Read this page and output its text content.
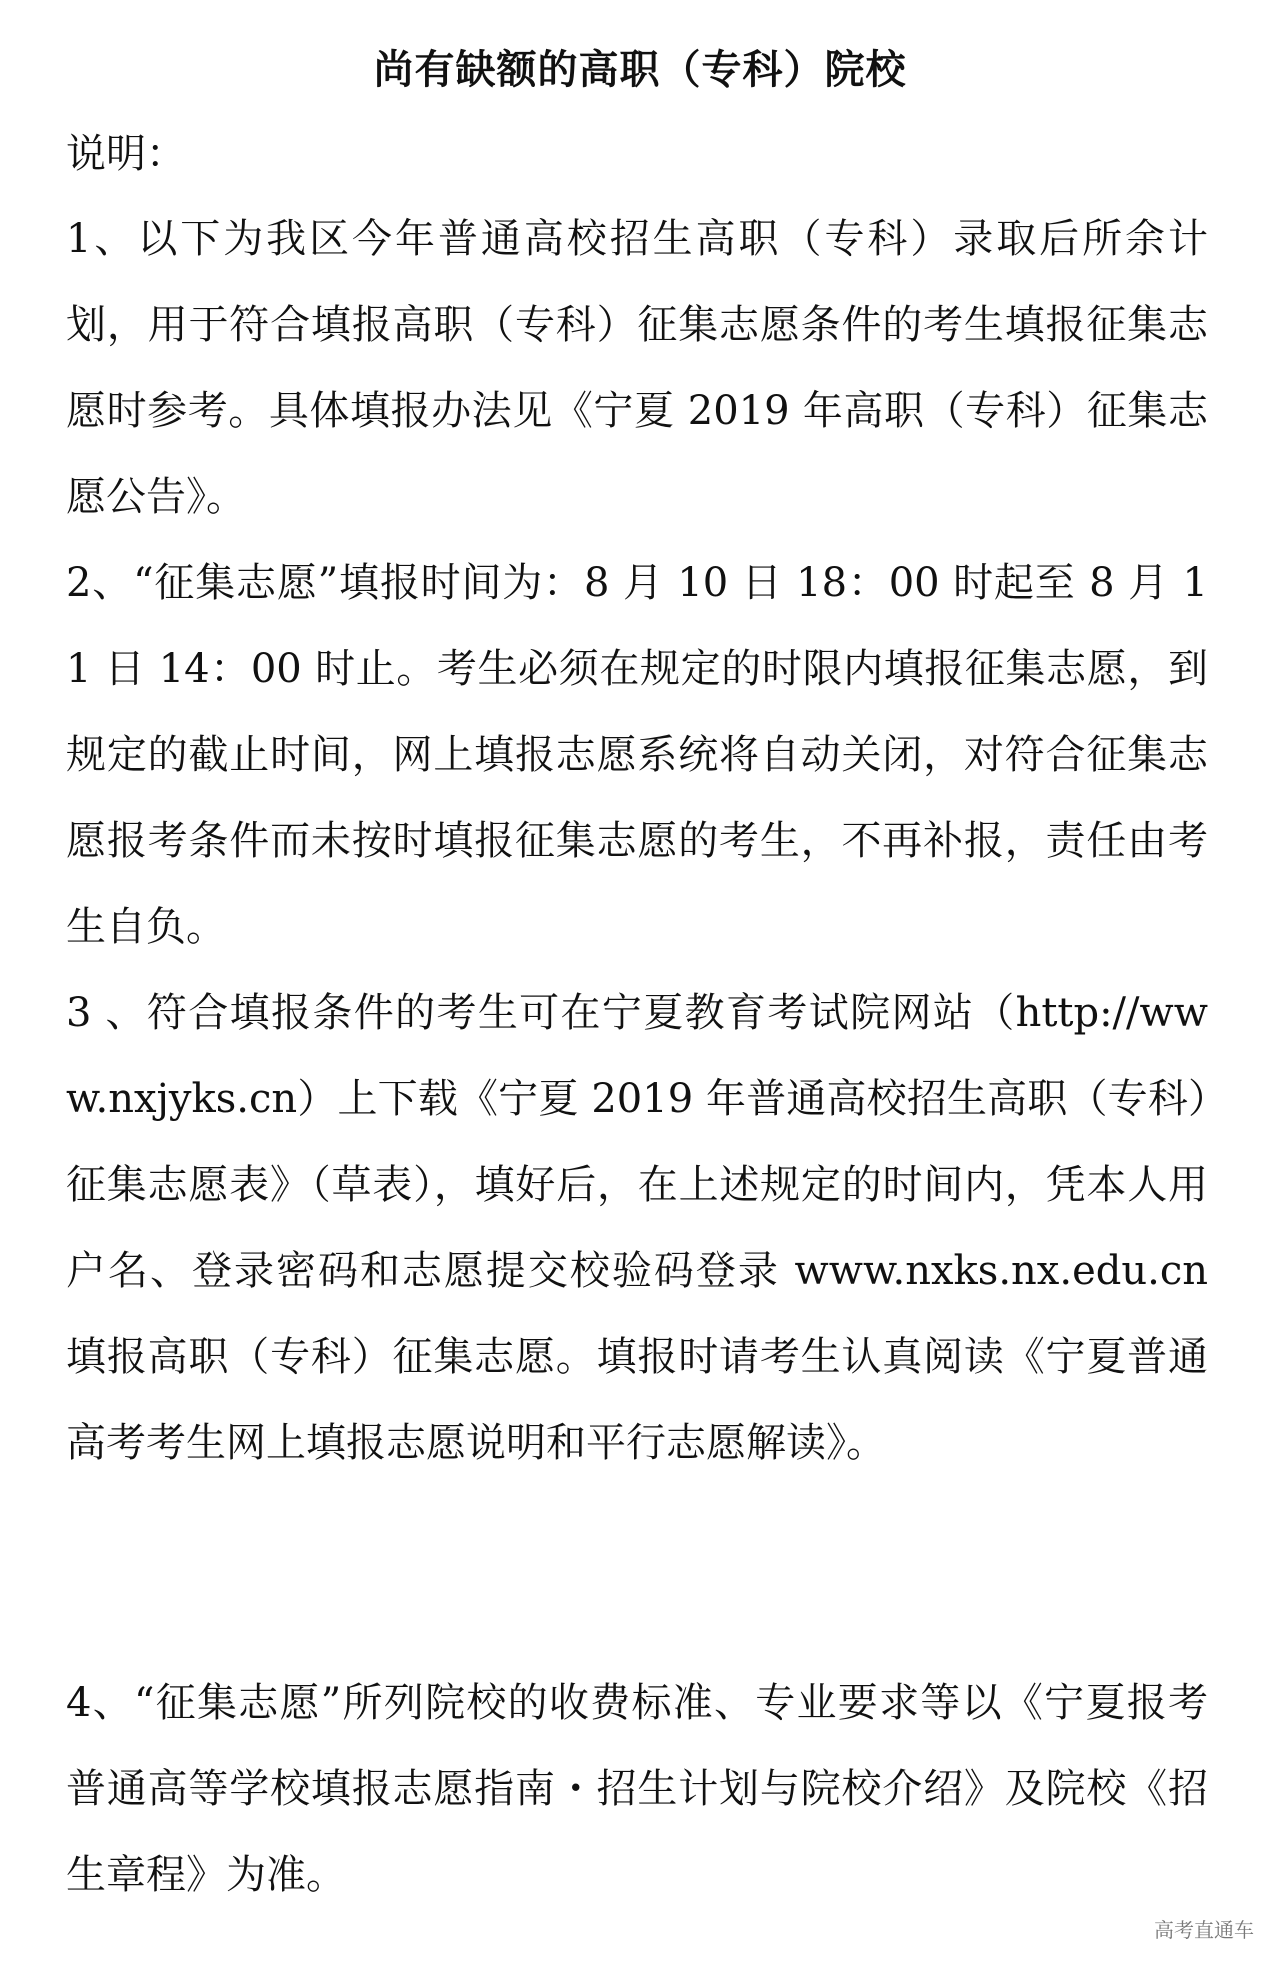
尚有缺额的高职（专科）院校

说明：

1、以下为我区今年普通高校招生高职（专科）录取后所余计划，用于符合填报高职（专科）征集志愿条件的考生填报征集志愿时参考。具体填报办法见《宁夏 2019 年高职（专科）征集志愿公告》。

2、“征集志愿”填报时间为：8 月 10 日 18：00 时起至 8 月 11 日 14：00 时止。考生必须在规定的时限内填报征集志愿，到规定的截止时间，网上填报志愿系统将自动关闭，对符合征集志愿报考条件而未按时填报征集志愿的考生，不再补报，责任由考生自负。

3 、符合填报条件的考生可在宁夏教育考试院网站（http://www.nxjyks.cn）上下载《宁夏 2019 年普通高校招生高职（专科）征集志愿表》（草表），填好后，在上述规定的时间内，凭本人用户名、登录密码和志愿提交校验码登录 www.nxks.nx.edu.cn 填报高职（专科）征集志愿。填报时请考生认真阅读《宁夏普通高考考生网上填报志愿说明和平行志愿解读》。

4、“征集志愿”所列院校的收费标准、专业要求等以《宁夏报考普通高等学校填报志愿指南・招生计划与院校介绍》及院校《招生章程》为准。

高考直通车
